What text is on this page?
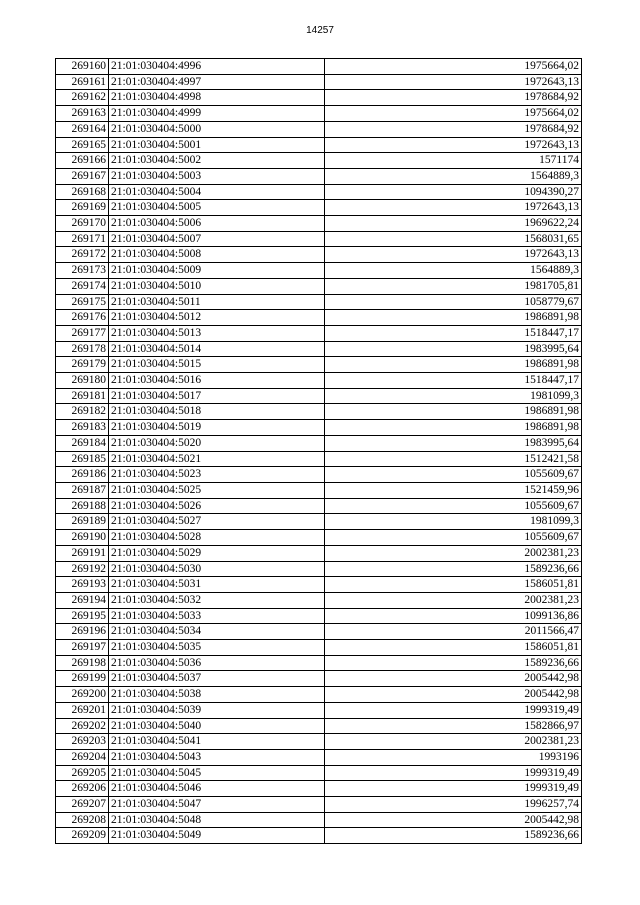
14257
269160	21:01:030404:4996	1975664,02
269161	21:01:030404:4997	1972643,13
269162	21:01:030404:4998	1978684,92
269163	21:01:030404:4999	1975664,02
269164	21:01:030404:5000	1978684,92
269165	21:01:030404:5001	1972643,13
269166	21:01:030404:5002	1571174
269167	21:01:030404:5003	1564889,3
269168	21:01:030404:5004	1094390,27
269169	21:01:030404:5005	1972643,13
269170	21:01:030404:5006	1969622,24
269171	21:01:030404:5007	1568031,65
269172	21:01:030404:5008	1972643,13
269173	21:01:030404:5009	1564889,3
269174	21:01:030404:5010	1981705,81
269175	21:01:030404:5011	1058779,67
269176	21:01:030404:5012	1986891,98
269177	21:01:030404:5013	1518447,17
269178	21:01:030404:5014	1983995,64
269179	21:01:030404:5015	1986891,98
269180	21:01:030404:5016	1518447,17
269181	21:01:030404:5017	1981099,3
269182	21:01:030404:5018	1986891,98
269183	21:01:030404:5019	1986891,98
269184	21:01:030404:5020	1983995,64
269185	21:01:030404:5021	1512421,58
269186	21:01:030404:5023	1055609,67
269187	21:01:030404:5025	1521459,96
269188	21:01:030404:5026	1055609,67
269189	21:01:030404:5027	1981099,3
269190	21:01:030404:5028	1055609,67
269191	21:01:030404:5029	2002381,23
269192	21:01:030404:5030	1589236,66
269193	21:01:030404:5031	1586051,81
269194	21:01:030404:5032	2002381,23
269195	21:01:030404:5033	1099136,86
269196	21:01:030404:5034	2011566,47
269197	21:01:030404:5035	1586051,81
269198	21:01:030404:5036	1589236,66
269199	21:01:030404:5037	2005442,98
269200	21:01:030404:5038	2005442,98
269201	21:01:030404:5039	1999319,49
269202	21:01:030404:5040	1582866,97
269203	21:01:030404:5041	2002381,23
269204	21:01:030404:5043	1993196
269205	21:01:030404:5045	1999319,49
269206	21:01:030404:5046	1999319,49
269207	21:01:030404:5047	1996257,74
269208	21:01:030404:5048	2005442,98
269209	21:01:030404:5049	1589236,66
